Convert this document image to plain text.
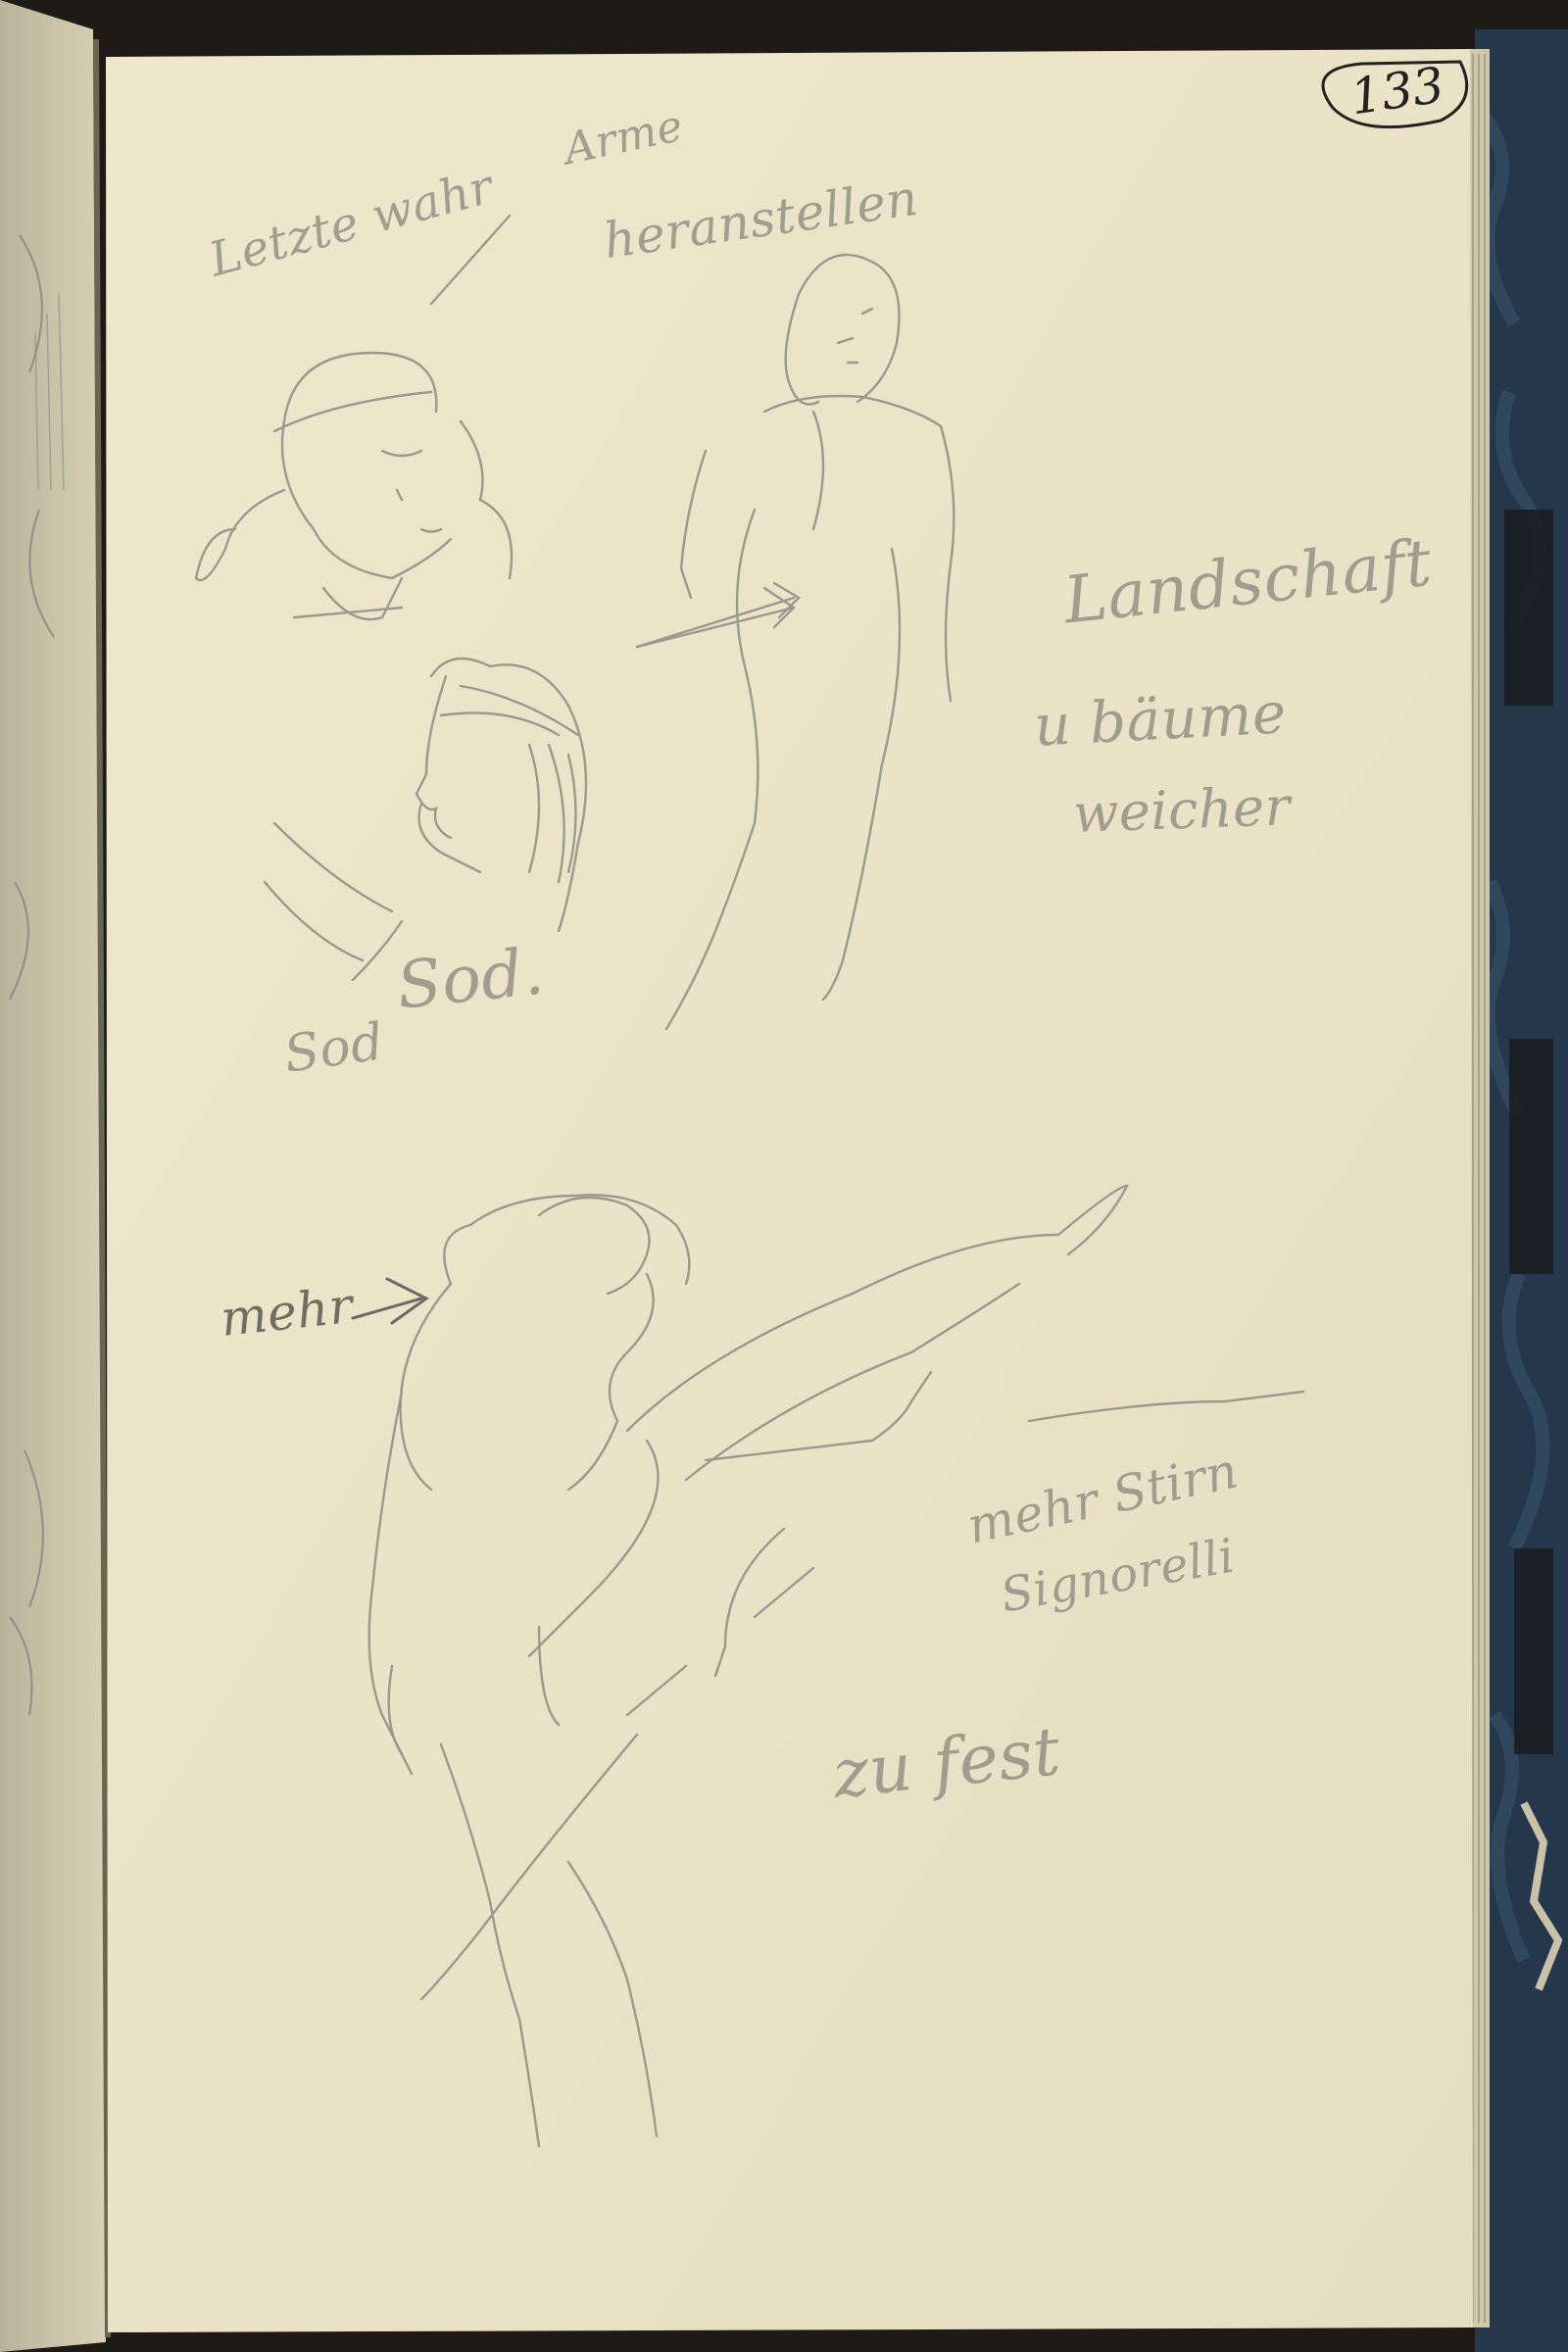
Letzte wahr
Arme
heranstellen
Landschaft
u bäume
weicher
Sod.
Sod
mehr
mehr Stirn
Signorelli
zu fest
133
